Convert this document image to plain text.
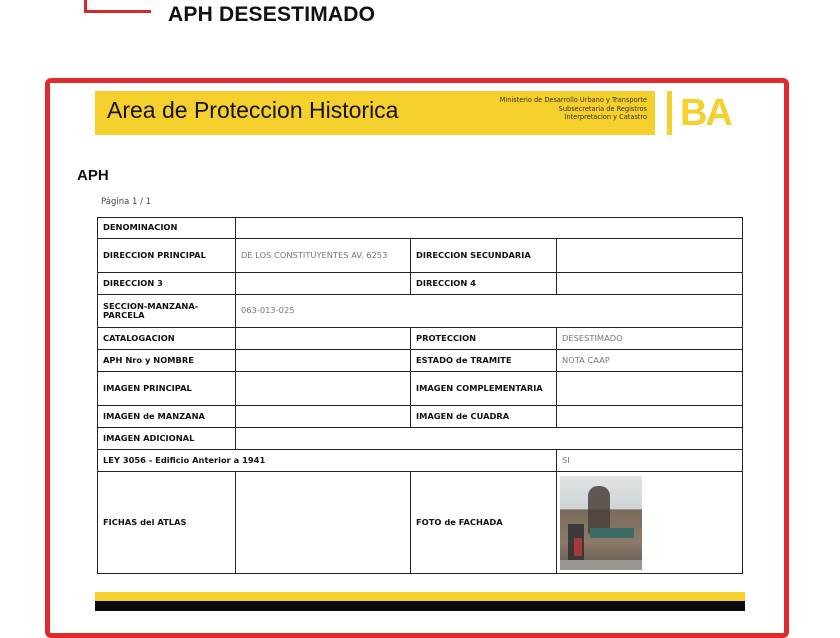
APH DESESTIMADO
Area de Proteccion Historica	Ministerio de Desarrollo Urbano y Transporte
Subsecretaria de Registros
Interpretacion y Catastro BA
APH
Página 1 / 1
DENOMINACION			
DIRECCION PRINCIPAL	DE LOS CONSTITUYENTES AV. 6253	DIRECCION SECUNDARIA	
DIRECCION 3		DIRECCION 4	
SECCION-MANZANA-PARCELA	063-013-025		
CATALOGACION		PROTECCION	DESESTIMADO
APH Nro y NOMBRE		ESTADO de TRAMITE	NOTA CAAP
IMAGEN PRINCIPAL		IMAGEN COMPLEMENTARIA	
IMAGEN de MANZANA		IMAGEN de CUADRA	
IMAGEN ADICIONAL			
LEY 3056 - Edificio Anterior a 1941			SI
FICHAS del ATLAS		FOTO de FACHADA	
